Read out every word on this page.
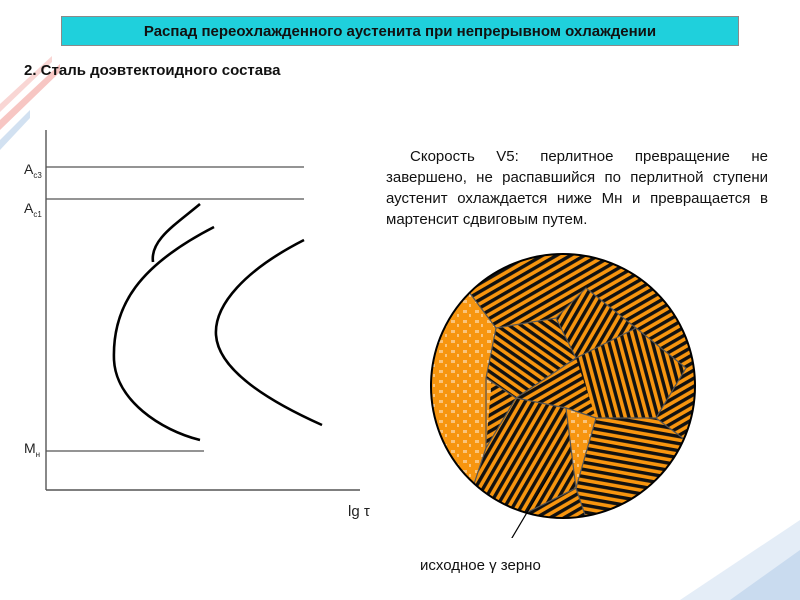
Распад переохлажденного аустенита при непрерывном охлаждении
2. Сталь доэвтектоидного состава

Скорость V5: перлитное превращение не завершено, не распавшийся по перлитной ступени аустенит охлаждается ниже Мн и превращается в мартенсит сдвиговым путем.

$A_{c3}$
$A_{c1}$
$M_н$
lg τ
исходное γ зерно
